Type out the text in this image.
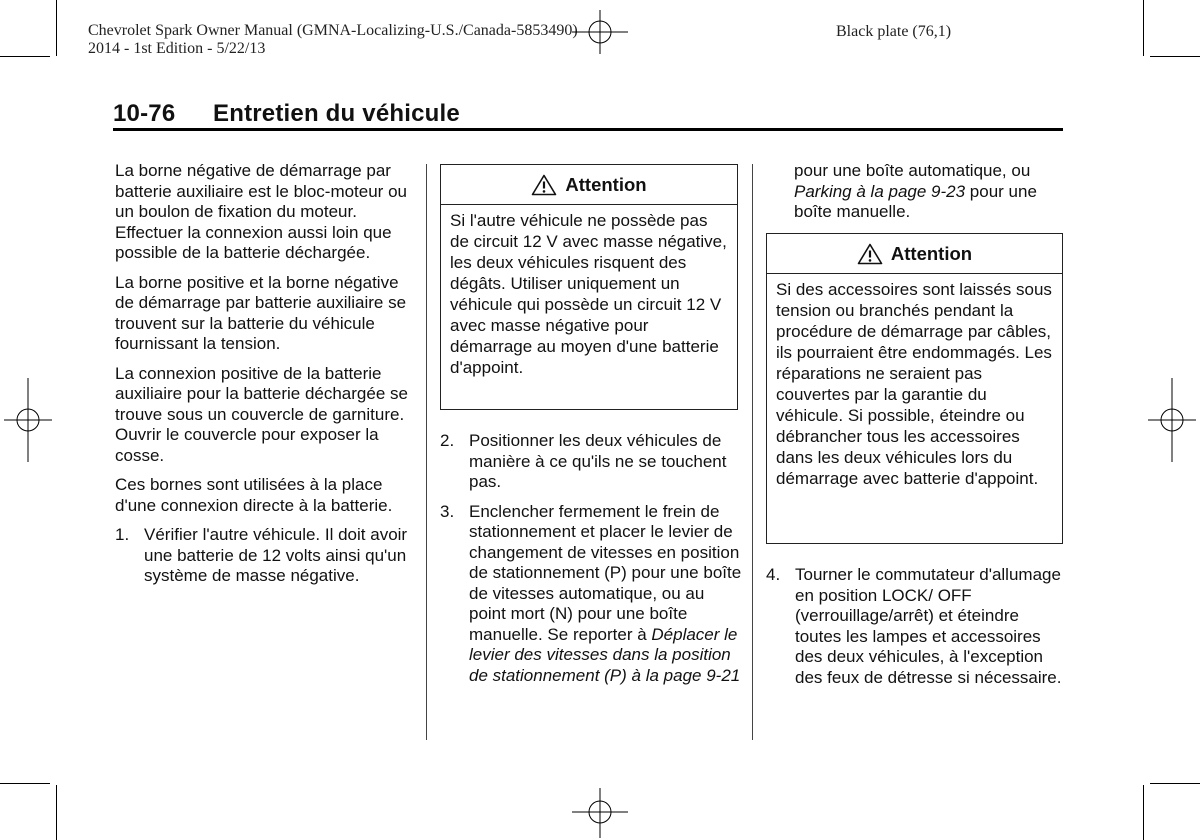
Chevrolet Spark Owner Manual (GMNA-Localizing-U.S./Canada-5853490)
2014 - 1st Edition - 5/22/13
Black plate (76,1)
10-76 Entretien du véhicule

La borne négative de démarrage par batterie auxiliaire est le bloc-moteur ou un boulon de fixation du moteur. Effectuer la connexion aussi loin que possible de la batterie déchargée.

La borne positive et la borne négative de démarrage par batterie auxiliaire se trouvent sur la batterie du véhicule fournissant la tension.

La connexion positive de la batterie auxiliaire pour la batterie déchargée se trouve sous un couvercle de garniture. Ouvrir le couvercle pour exposer la cosse.

Ces bornes sont utilisées à la place d'une connexion directe à la batterie.

1. Vérifier l'autre véhicule. Il doit avoir une batterie de 12 volts ainsi qu'un système de masse négative.
Attention
Si l'autre véhicule ne possède pas de circuit 12 V avec masse négative, les deux véhicules risquent des dégâts. Utiliser uniquement un véhicule qui possède un circuit 12 V avec masse négative pour démarrage au moyen d'une batterie d'appoint.
2. Positionner les deux véhicules de manière à ce qu'ils ne se touchent pas.
3. Enclencher fermement le frein de stationnement et placer le levier de changement de vitesses en position de stationnement (P) pour une boîte de vitesses automatique, ou au point mort (N) pour une boîte manuelle. Se reporter à Déplacer le levier des vitesses dans la position de stationnement (P) à la page 9-21
pour une boîte automatique, ou Parking à la page 9-23 pour une boîte manuelle.
Attention
Si des accessoires sont laissés sous tension ou branchés pendant la procédure de démarrage par câbles, ils pourraient être endommagés. Les réparations ne seraient pas couvertes par la garantie du véhicule. Si possible, éteindre ou débrancher tous les accessoires dans les deux véhicules lors du démarrage avec batterie d'appoint.
4. Tourner le commutateur d'allumage en position LOCK/ OFF (verrouillage/arrêt) et éteindre toutes les lampes et accessoires des deux véhicules, à l'exception des feux de détresse si nécessaire.
